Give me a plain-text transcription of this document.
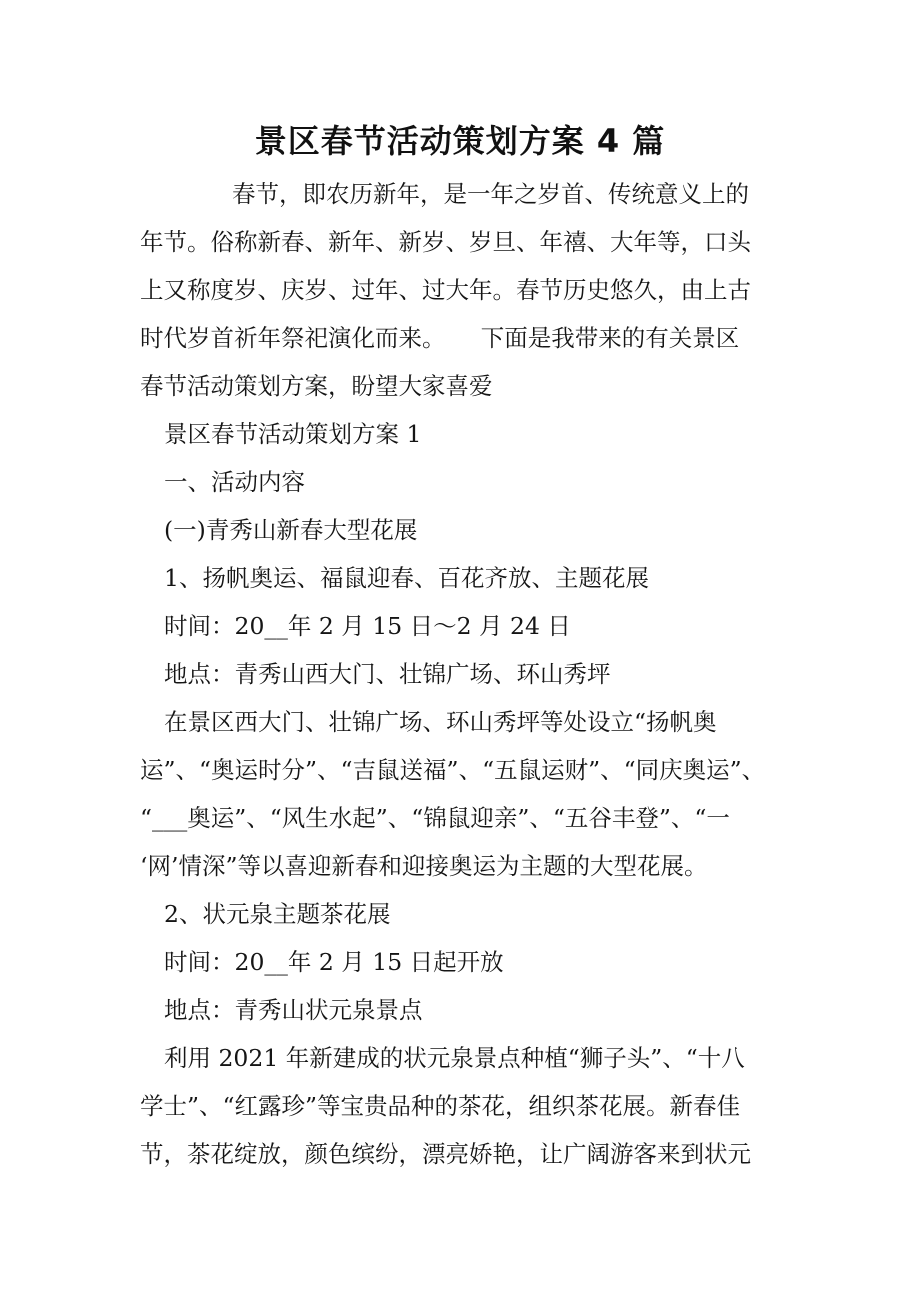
景区春节活动策划方案 4 篇
春节，即农历新年，是一年之岁首、传统意义上的
年节。俗称新春、新年、新岁、岁旦、年禧、大年等，口头
上又称度岁、庆岁、过年、过大年。春节历史悠久，由上古
时代岁首祈年祭祀演化而来。　　下面是我带来的有关景区
春节活动策划方案，盼望大家喜爱
景区春节活动策划方案 1
一、活动内容
(一)青秀山新春大型花展
1、扬帆奥运、福鼠迎春、百花齐放、主题花展
时间：20__年 2 月 15 日～2 月 24 日
地点：青秀山西大门、壮锦广场、环山秀坪
在景区西大门、壮锦广场、环山秀坪等处设立“扬帆奥
运”、“奥运时分”、“吉鼠送福”、“五鼠运财”、“同庆奥运”、
“___奥运”、“风生水起”、“锦鼠迎亲”、“五谷丰登”、“一
‘网’情深”等以喜迎新春和迎接奥运为主题的大型花展。
2、状元泉主题茶花展
时间：20__年 2 月 15 日起开放
地点：青秀山状元泉景点
利用 2021 年新建成的状元泉景点种植“狮子头”、“十八
学士”、“红露珍”等宝贵品种的茶花，组织茶花展。新春佳
节，茶花绽放，颜色缤纷，漂亮娇艳，让广阔游客来到状元
